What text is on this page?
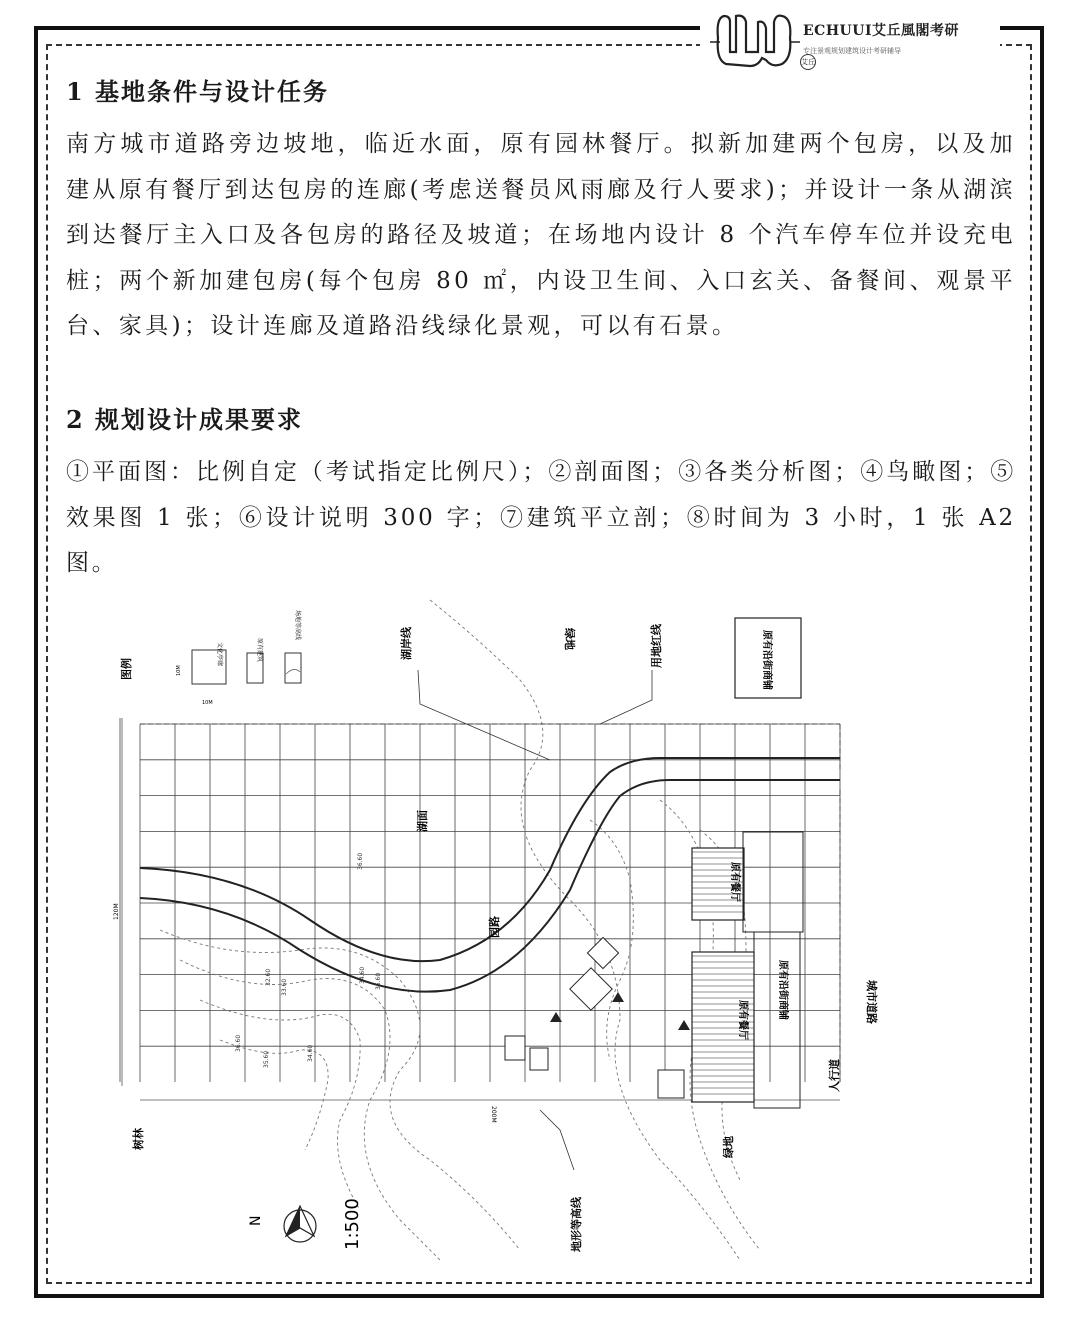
ECHUUI艾丘風閣考研
艾丘
专注景观规划建筑设计考研辅导
1 基地条件与设计任务
南方城市道路旁边坡地，临近水面，原有园林餐厅。拟新加建两个包房，以及加建从原有餐厅到达包房的连廊(考虑送餐员风雨廊及行人要求)；并设计一条从湖滨到达餐厅主入口及各包房的路径及坡道；在场地内设计 8 个汽车停车位并设充电桩；两个新加建包房(每个包房 80 ㎡，内设卫生间、入口玄关、备餐间、观景平台、家具)；设计连廊及道路沿线绿化景观，可以有石景。
2 规划设计成果要求
①平面图：比例自定（考试指定比例尺）；②剖面图；③各类分析图；④鸟瞰图；⑤效果图 1 张；⑥设计说明 300 字；⑦建筑平立剖；⑧时间为 3 小时，1 张 A2 图。
图例
文化亭廊	原有建筑
场地等高线
10M
10M
原有沿街商铺
原有餐厅
原有餐厅	原有沿街商铺
湖岸线	绿地	用地红线
湖面
园路
城市道路
人行道
绿地
地形等高线
树林
120M
200M
36.60
34.60 35.60
36.60
35.60	34.60
33.60
32.60
N	1:500
